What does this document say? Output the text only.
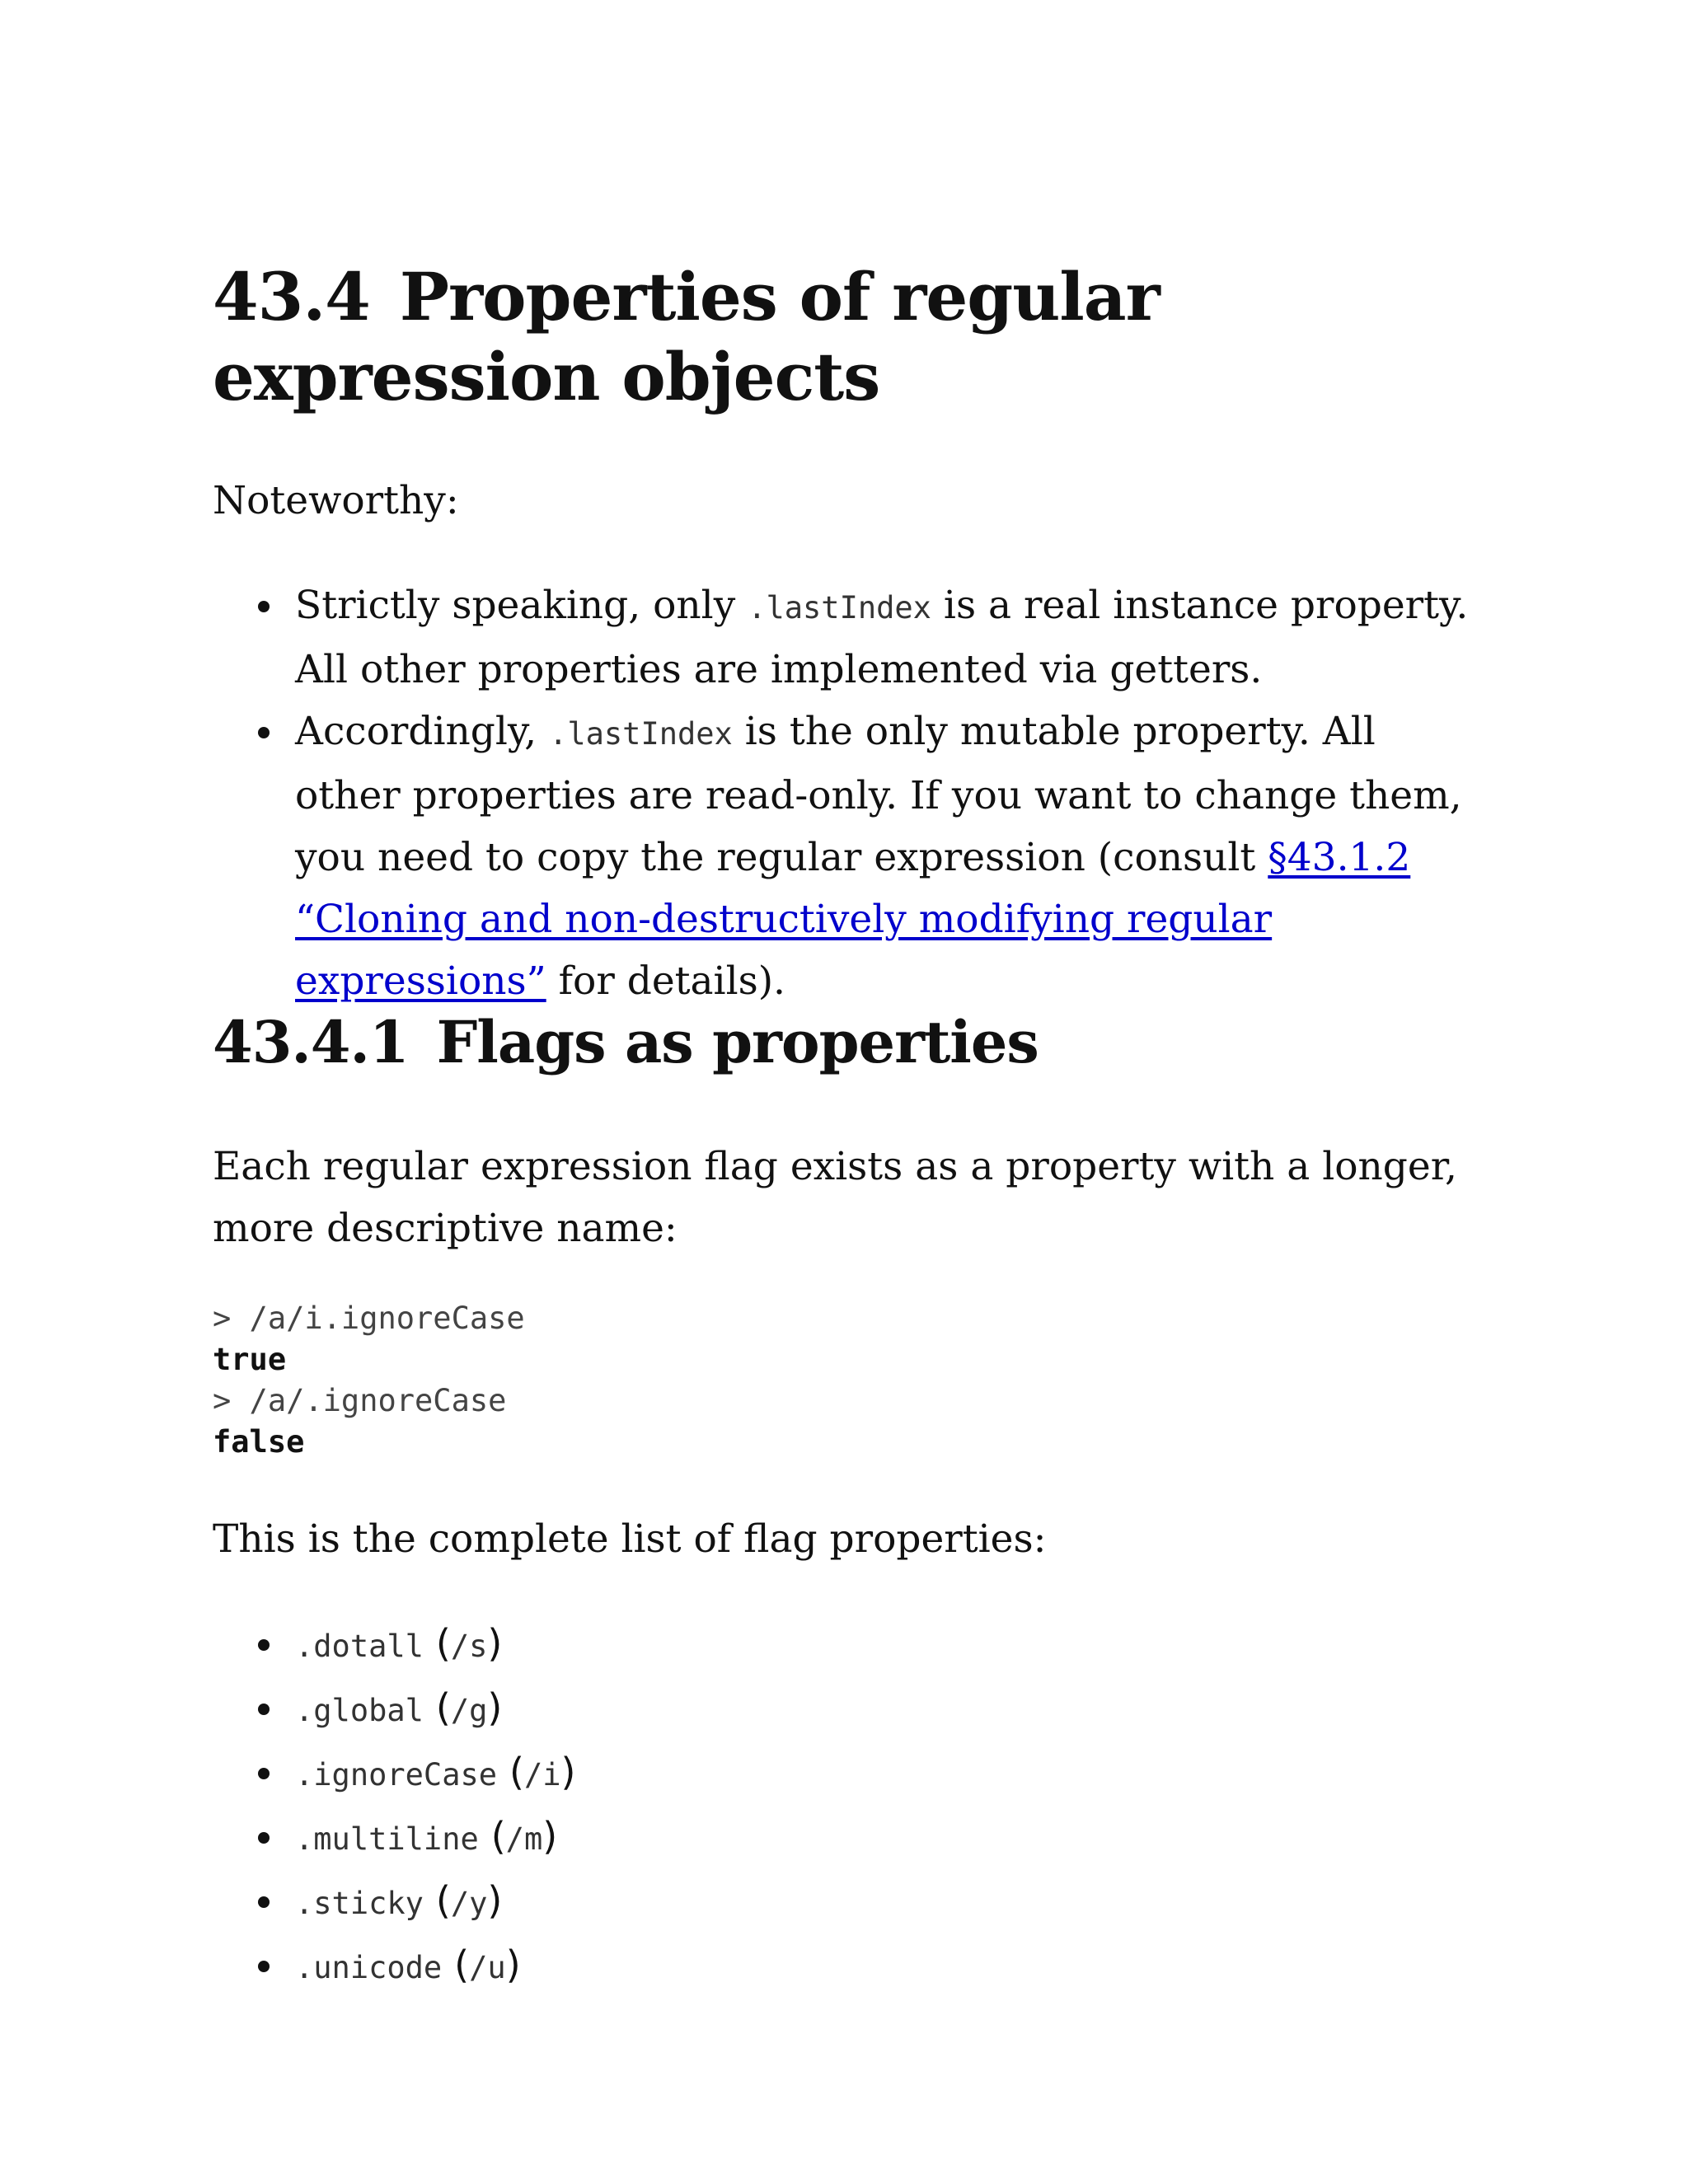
43.4 Properties of regular expression objects

Noteworthy:

Strictly speaking, only .lastIndex is a real instance property. All other properties are implemented via getters.
Accordingly, .lastIndex is the only mutable property. All other properties are read-only. If you want to change them, you need to copy the regular expression (consult §43.1.2 “Cloning and non-destructively modifying regular expressions” for details).
43.4.1 Flags as properties

Each regular expression flag exists as a property with a longer, more descriptive name:

> /a/i.ignoreCase
true
> /a/.ignoreCase
false

This is the complete list of flag properties:

.dotall (/s)
.global (/g)
.ignoreCase (/i)
.multiline (/m)
.sticky (/y)
.unicode (/u)
